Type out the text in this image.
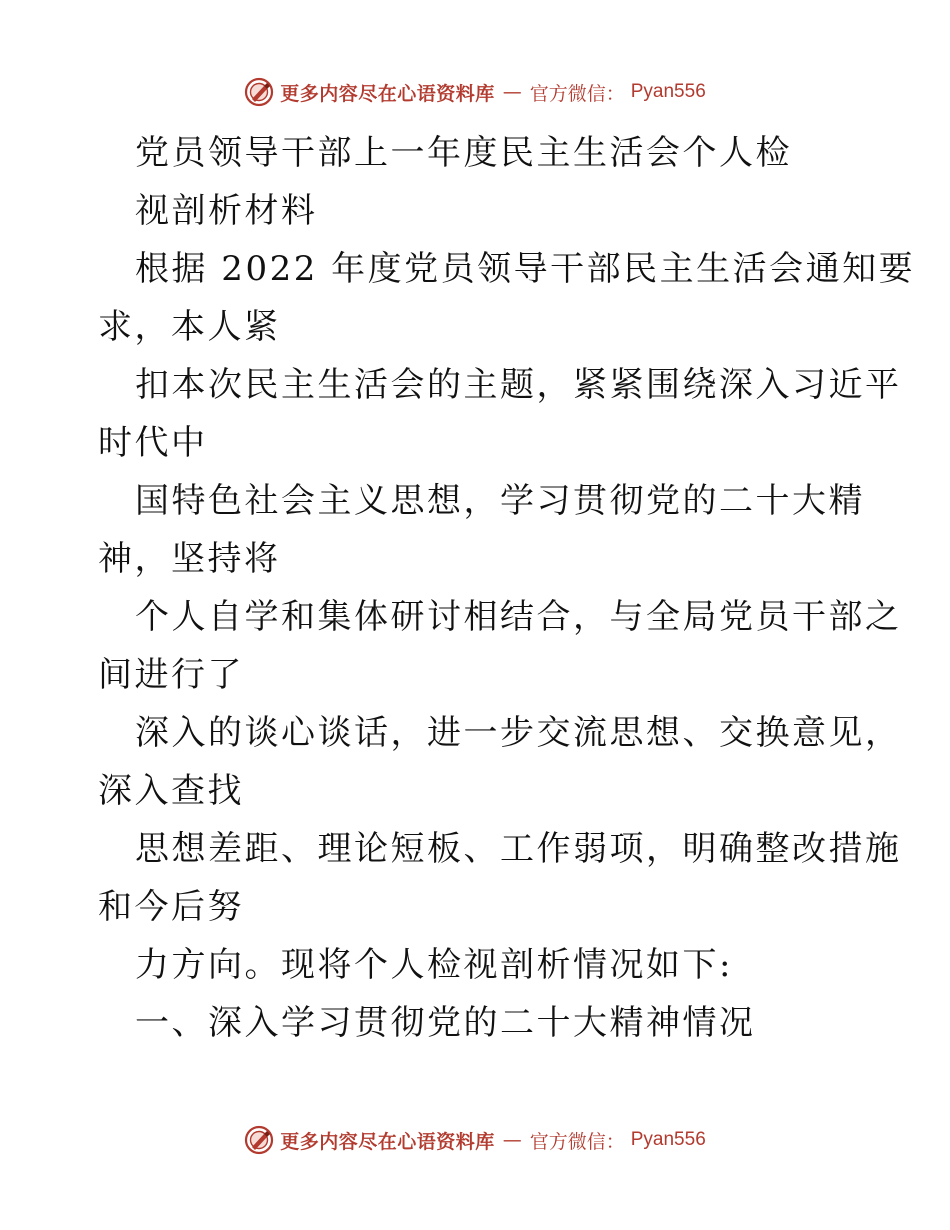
更多内容尽在心语资料库 — 官方微信： Pyan556
党员领导干部上一年度民主生活会个人检
视剖析材料
根据 2022 年度党员领导干部民主生活会通知要
求，本人紧
扣本次民主生活会的主题，紧紧围绕深入习近平
时代中
国特色社会主义思想，学习贯彻党的二十大精
神，坚持将
个人自学和集体研讨相结合，与全局党员干部之
间进行了
深入的谈心谈话，进一步交流思想、交换意见，
深入查找
思想差距、理论短板、工作弱项，明确整改措施
和今后努
力方向。现将个人检视剖析情况如下:
一、深入学习贯彻党的二十大精神情况
更多内容尽在心语资料库 — 官方微信： Pyan556
